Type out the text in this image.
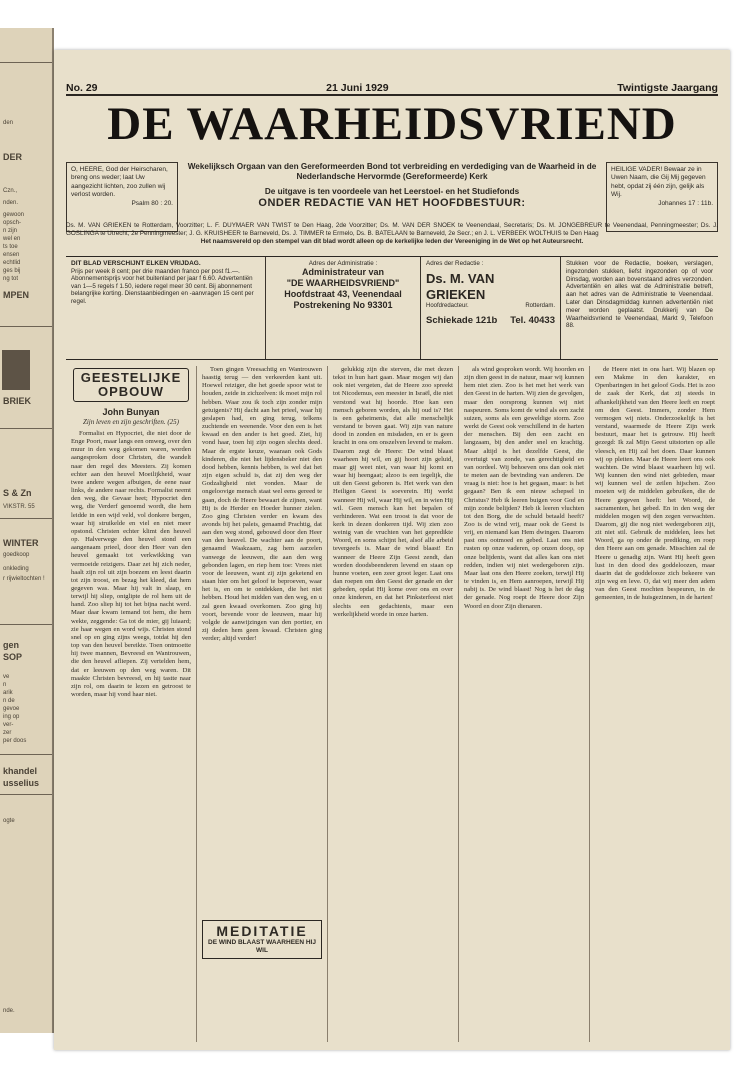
den
DER
Czn.,
nden.
gewoon
opsch-
n zijn
wel en
ts toe
ensen
echtlid
ges bij
ng tot
MPEN
BRIEK
S & Zn
VIKSTR. 55
WINTER
goedkoop
onkleding
r rijwieltochten !
gen
SOP
ve
n
arik
n de
gevoe
ing op
ver-
zer
per doos
khandel
usselius
ogte
nde.
No. 29	21 Juni 1929	Twintigste Jaargang
DE WAARHEIDSVRIEND
O, HEERE, God der Heirscharen, breng ons weder; laat Uw aangezicht lichten, zoo zullen wij verlost worden.
Psalm 80 : 20.
Wekelijksch Orgaan van den Gereformeerden Bond tot verbreiding en verdediging van de Waarheid in de Nederlandsche Hervormde (Gereformeerde) Kerk
De uitgave is ten voordeele van het Leerstoel- en het Studiefonds
ONDER REDACTIE VAN HET HOOFDBESTUUR:
HEILIGE VADER! Bewaar ze in Uwen Naam, die Gij Mij gegeven hebt, opdat zij één zijn, gelijk als Wij.
Johannes 17 : 11b.
Ds. M. VAN GRIEKEN te Rotterdam, Voorzitter; L. F. DUYMAER VAN TWIST te Den Haag, 2de Voorzitter; Ds. M. VAN DER SNOEK te Veenendaal, Secretaris; Ds. M. JONGEBREUR te Veenendaal, Penningmeester; Ds. J. GOSLINGA te Utrecht, 2e Penningmeester; J. G. KRUISHEER te Barneveld, Ds. J. TIMMER te Ermelo, Ds. B. BATELAAN te Barneveld, 2e Secr.; en J. L. VERBEEK WOLTHUIS te Den Haag
Het naamsvereld op den stempel van dit blad wordt alleen op de kerkelijke leden der Vereeniging in de Wet op het Auteursrecht.
DIT BLAD VERSCHIJNT ELKEN VRIJDAG.
Prijs per week 8 cent; per drie maanden franco per post f1.—. Abonnementsprijs voor het buitenland per jaar f 6.60. Advertentiën van 1—5 regels f 1.50, iedere regel meer 30 cent. Bij abonnement belangrijke korting. Dienstaanbiedingen en -aanvragen 15 cent per regel.
Adres der Administratie :
Administrateur van
"DE WAARHEIDSVRIEND"
Hoofdstraat 43, Veenendaal
Postrekening No 93301
Adres der Redactie :
Ds. M. VAN GRIEKEN
Hoofdredacteur.	Rotterdam.
Schiekade 121b Tel. 40433
Stukken voor de Redactie, boeken, verslagen, ingezonden stukken, liefst ingezonden op of voor Dinsdag, worden aan bovenstaand adres verzonden. Advertentiën en alles wat de Administratie betreft, aan het adres van de Administratie te Veenendaal. Later dan Dinsdagmiddag kunnen advertentiën niet meer worden geplaatst. Drukkerij van De Waarheidsvriend te Veenendaal, Markt 9, Telefoon 88.
GEESTELIJKE OPBOUW
John Bunyan
Zijn leven en zijn geschriften. (25)

Formalist en Hypocriet, die niet door de Enge Poort, maar langs een omweg, over den muur in den weg gekomen waren, worden aangesproken door Christen, die wandelt naar den regel des Meesters. Zij komen echter aan den heuvel Moeilijkheid, waar twee andere wegen afbuigen, de eene naar links, de andere naar rechts. Formalist neemt den weg, die Gevaar heet; Hypocriet den weg, die Verderf genoemd wordt, die hem leidde in een wijd veld, vol donkere bergen, waar hij struikelde en viel en niet meer opstond. Christen echter klimt den heuvel op. Halverwege den heuvel stond een aangenaam prieel, door den Heer van den heuvel gemaakt tot verkwikking van vermoeide reizigers. Daar zet hij zich neder, haalt zijn rol uit zijn boezem en leest daarin tot zijn troost, en bezag het kleed, dat hem gegeven was. Maar hij valt in slaap, en terwijl hij sliep, ontglipte de rol hem uit de hand. Zoo sliep hij tot het bijna nacht werd. Maar daar kwam iemand tot hem, die hem wekte, zeggende: Ga tot de mier, gij luiaard; zie haar wegen en word wijs. Christen stond snel op en ging zijns weegs, totdat hij den top van den heuvel bereikte. Toen ontmoette hij twee mannen, Bevreesd en Wantrouwen, die den heuvel afliepen. Zij vertelden hem, dat er leeuwen op den weg waren. Dit maakte Christen bevreesd, en hij tastte naar zijn rol, om daarin te lezen en getroost te worden, maar hij vond haar niet.

Toen gingen Vreesachtig en Wantrouwen haastig terug — den verkeerden kant uit. Hoewel reiziger, die het goede spoor wist te houden, zeide in zichzelven: ik moet mijn rol hebben. Waar zou ik toch zijn zonder mijn getuigenis? Hij dacht aan het prieel, waar hij geslapen had, en ging terug, telkens zuchtende en weenende. Voor den een is het kwaad en den ander is het goed. Ziet, hij vond haar, toen hij zijn oogen slechts deed. Maar de ergste keuze, waaraan ook Gods kinderen, die niet het lijdensbeker niet den dood hebben, kennis hebben, is wel dat het zijn eigen schuld is, dat zij den weg der Godzaligheid niet vonden. Maar de ongeloovige mensch staat wel eens gereed te gaan, doch de Heere bewaart de zijnen, want Hij is de Herder en Hoeder hunner zielen. Zoo ging Christen verder en kwam des avonds bij het paleis, genaamd Prachtig, dat aan den weg stond, gebouwd door den Heer van den heuvel. De wachter aan de poort, genaamd Waakzaam, zag hem aarzelen vanwege de leeuwen, die aan den weg gebonden lagen, en riep hem toe: Vrees niet voor de leeuwen, want zij zijn geketend en staan hier om het geloof te beproeven, waar het is, en om te ontdekken, die het niet hebben. Houd het midden van den weg, en u zal geen kwaad overkomen. Zoo ging hij voort, bevende voor de leeuwen, maar hij volgde de aanwijzingen van den portier, en zij deden hem geen kwaad. Christen ging verder; altijd verder!

MEDITATIE
DE WIND BLAAST WAARHEEN HIJ WIL

gelukkig zijn die sterven, die met dezen tekst in hun hart gaan. Maar mogen wij dan ook niet vergeten, dat de Heere zoo spreekt tot Nicodemus, een meester in Israël, die niet verstond wat hij hoorde. Hoe kan een mensch geboren worden, als hij oud is? Het is een geheimenis, dat alle menschelijk verstand te boven gaat. Wij zijn van nature dood in zonden en misdaden, en er is geen kracht in ons om onszelven levend te maken. Daarom zegt de Heere: De wind blaast waarheen hij wil, en gij hoort zijn geluid, maar gij weet niet, van waar hij komt en waar hij heengaat; alzoo is een iegelijk, die uit den Geest geboren is. Het werk van den Heiligen Geest is soeverein. Hij werkt wanneer Hij wil, waar Hij wil, en in wien Hij wil. Geen mensch kan het bepalen of verhinderen. Wat een troost is dat voor de kerk in dezen donkeren tijd. Wij zien zoo weinig van de vruchten van het gepredikte Woord, en soms schijnt het, alsof alle arbeid tevergeefs is. Maar de wind blaast! En wanneer de Heere Zijn Geest zendt, dan worden doodsbeenderen levend en staan op hunne voeten, een zeer groot leger. Laat ons dan roepen om den Geest der genade en der gebeden, opdat Hij kome over ons en over onze kinderen, en dat het Pinksterfeest niet slechts een gedachtenis, maar een werkelijkheid worde in onze harten.

als wind gesproken wordt. Wij hoorden en zijn dien geest in de natuur, maar wij kunnen hem niet zien. Zoo is het met het werk van den Geest in de harten. Wij zien de gevolgen, maar den oorsprong kunnen wij niet naspeuren. Soms komt de wind als een zacht suizen, soms als een geweldige storm. Zoo werkt de Geest ook verschillend in de harten der menschen. Bij den een zacht en langzaam, bij den ander snel en krachtig. Maar altijd is het dezelfde Geest, die overtuigt van zonde, van gerechtigheid en van oordeel. Wij behoeven ons dan ook niet te meten aan de bevinding van anderen. De vraag is niet: hoe is het gegaan, maar: is het gegaan? Ben ik een nieuw schepsel in Christus? Heb ik leeren buigen voor God en mijn zonde belijden? Heb ik leeren vluchten tot den Borg, die de schuld betaald heeft? Zoo is de wind vrij, maar ook de Geest is vrij, en niemand kan Hem dwingen. Daarom past ons ootmoed en gebed. Laat ons niet rusten op onze vaderen, op onzen doop, op onze belijdenis, want dat alles kan ons niet redden, indien wij niet wedergeboren zijn. Maar laat ons den Heere zoeken, terwijl Hij te vinden is, en Hem aanroepen, terwijl Hij nabij is. De wind blaast! Nog is het de dag der genade. Nog roept de Heere door Zijn Woord en door Zijn dienaren.

de Heere niet in ons hart. Wij blazen op een Makme in den karakter, en Openbaringen in het geloof Gods. Het is zoo de zaak der Kerk, dat zij steeds in afhankelijkheid van den Heere leeft en roept om den Geest. Immers, zonder Hem vermogen wij niets. Onderzoekelijk is het verstand, waarmede de Heere Zijn werk bestuurt, maar het is getrouw. Hij heeft gezegd: Ik zal Mijn Geest uitstorten op alle vleesch, en Hij zal het doen. Daar kunnen wij op pleiten. Maar de Heere leert ons ook wachten. De wind blaast waarheen hij wil. Wij kunnen den wind niet gebieden, maar wij kunnen wel de zeilen hijschen. Zoo moeten wij de middelen gebruiken, die de Heere gegeven heeft: het Woord, de sacramenten, het gebed. En in den weg der middelen mogen wij den zegen verwachten. Daarom, gij die nog niet wedergeboren zijt, zit niet stil. Gebruik de middelen, lees het Woord, ga op onder de prediking, en roep den Heere aan om genade. Misschien zal de Heere u genadig zijn. Want Hij heeft geen lust in den dood des goddeloozen, maar daarin dat de goddelooze zich bekeere van zijn weg en leve. O, dat wij meer den adem van den Geest mochten bespeuren, in de gemeenten, in de huisgezinnen, in de harten!
